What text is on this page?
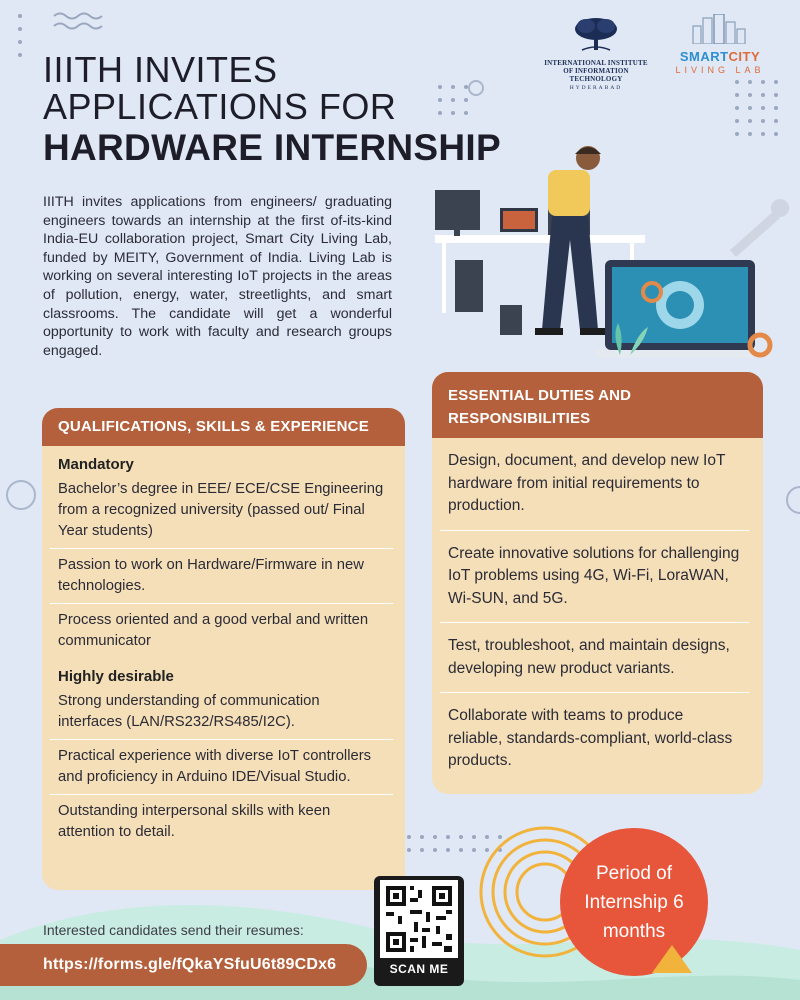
IIITH INVITES
APPLICATIONS FOR
HARDWARE INTERNSHIP
INTERNATIONAL INSTITUTE OF INFORMATION TECHNOLOGY
HYDERABAD
SMARTCITY
LIVING LAB

IIITH invites applications from engineers/ graduating engineers towards an internship at the first of-its-kind India-EU collaboration project, Smart City Living Lab, funded by MEITY, Government of India. Living Lab is working on several interesting IoT projects in the areas of pollution, energy, water, streetlights, and smart classrooms. The candidate will get a wonderful opportunity to work with faculty and research groups engaged.

QUALIFICATIONS, SKILLS & EXPERIENCE
Mandatory
Bachelor’s degree in EEE/ ECE/CSE Engineering from a recognized university (passed out/ Final Year students)
Passion to work on Hardware/Firmware in new technologies.
Process oriented and a good verbal and written communicator
Highly desirable
Strong understanding of communication interfaces (LAN/RS232/RS485/I2C).
Practical experience with diverse IoT controllers and proficiency in Arduino IDE/Visual Studio.
Outstanding interpersonal skills with keen attention to detail.
ESSENTIAL DUTIES AND RESPONSIBILITIES
Design, document, and develop new IoT hardware from initial requirements to production.
Create innovative solutions for challenging IoT problems using 4G, Wi-Fi, LoraWAN, Wi-SUN, and 5G.
Test, troubleshoot, and maintain designs, developing new product variants.
Collaborate with teams to produce reliable, standards-compliant, world-class products.
Period of Internship 6 months
Interested candidates send their resumes:
https://forms.gle/fQkaYSfuU6t89CDx6	SCAN ME
